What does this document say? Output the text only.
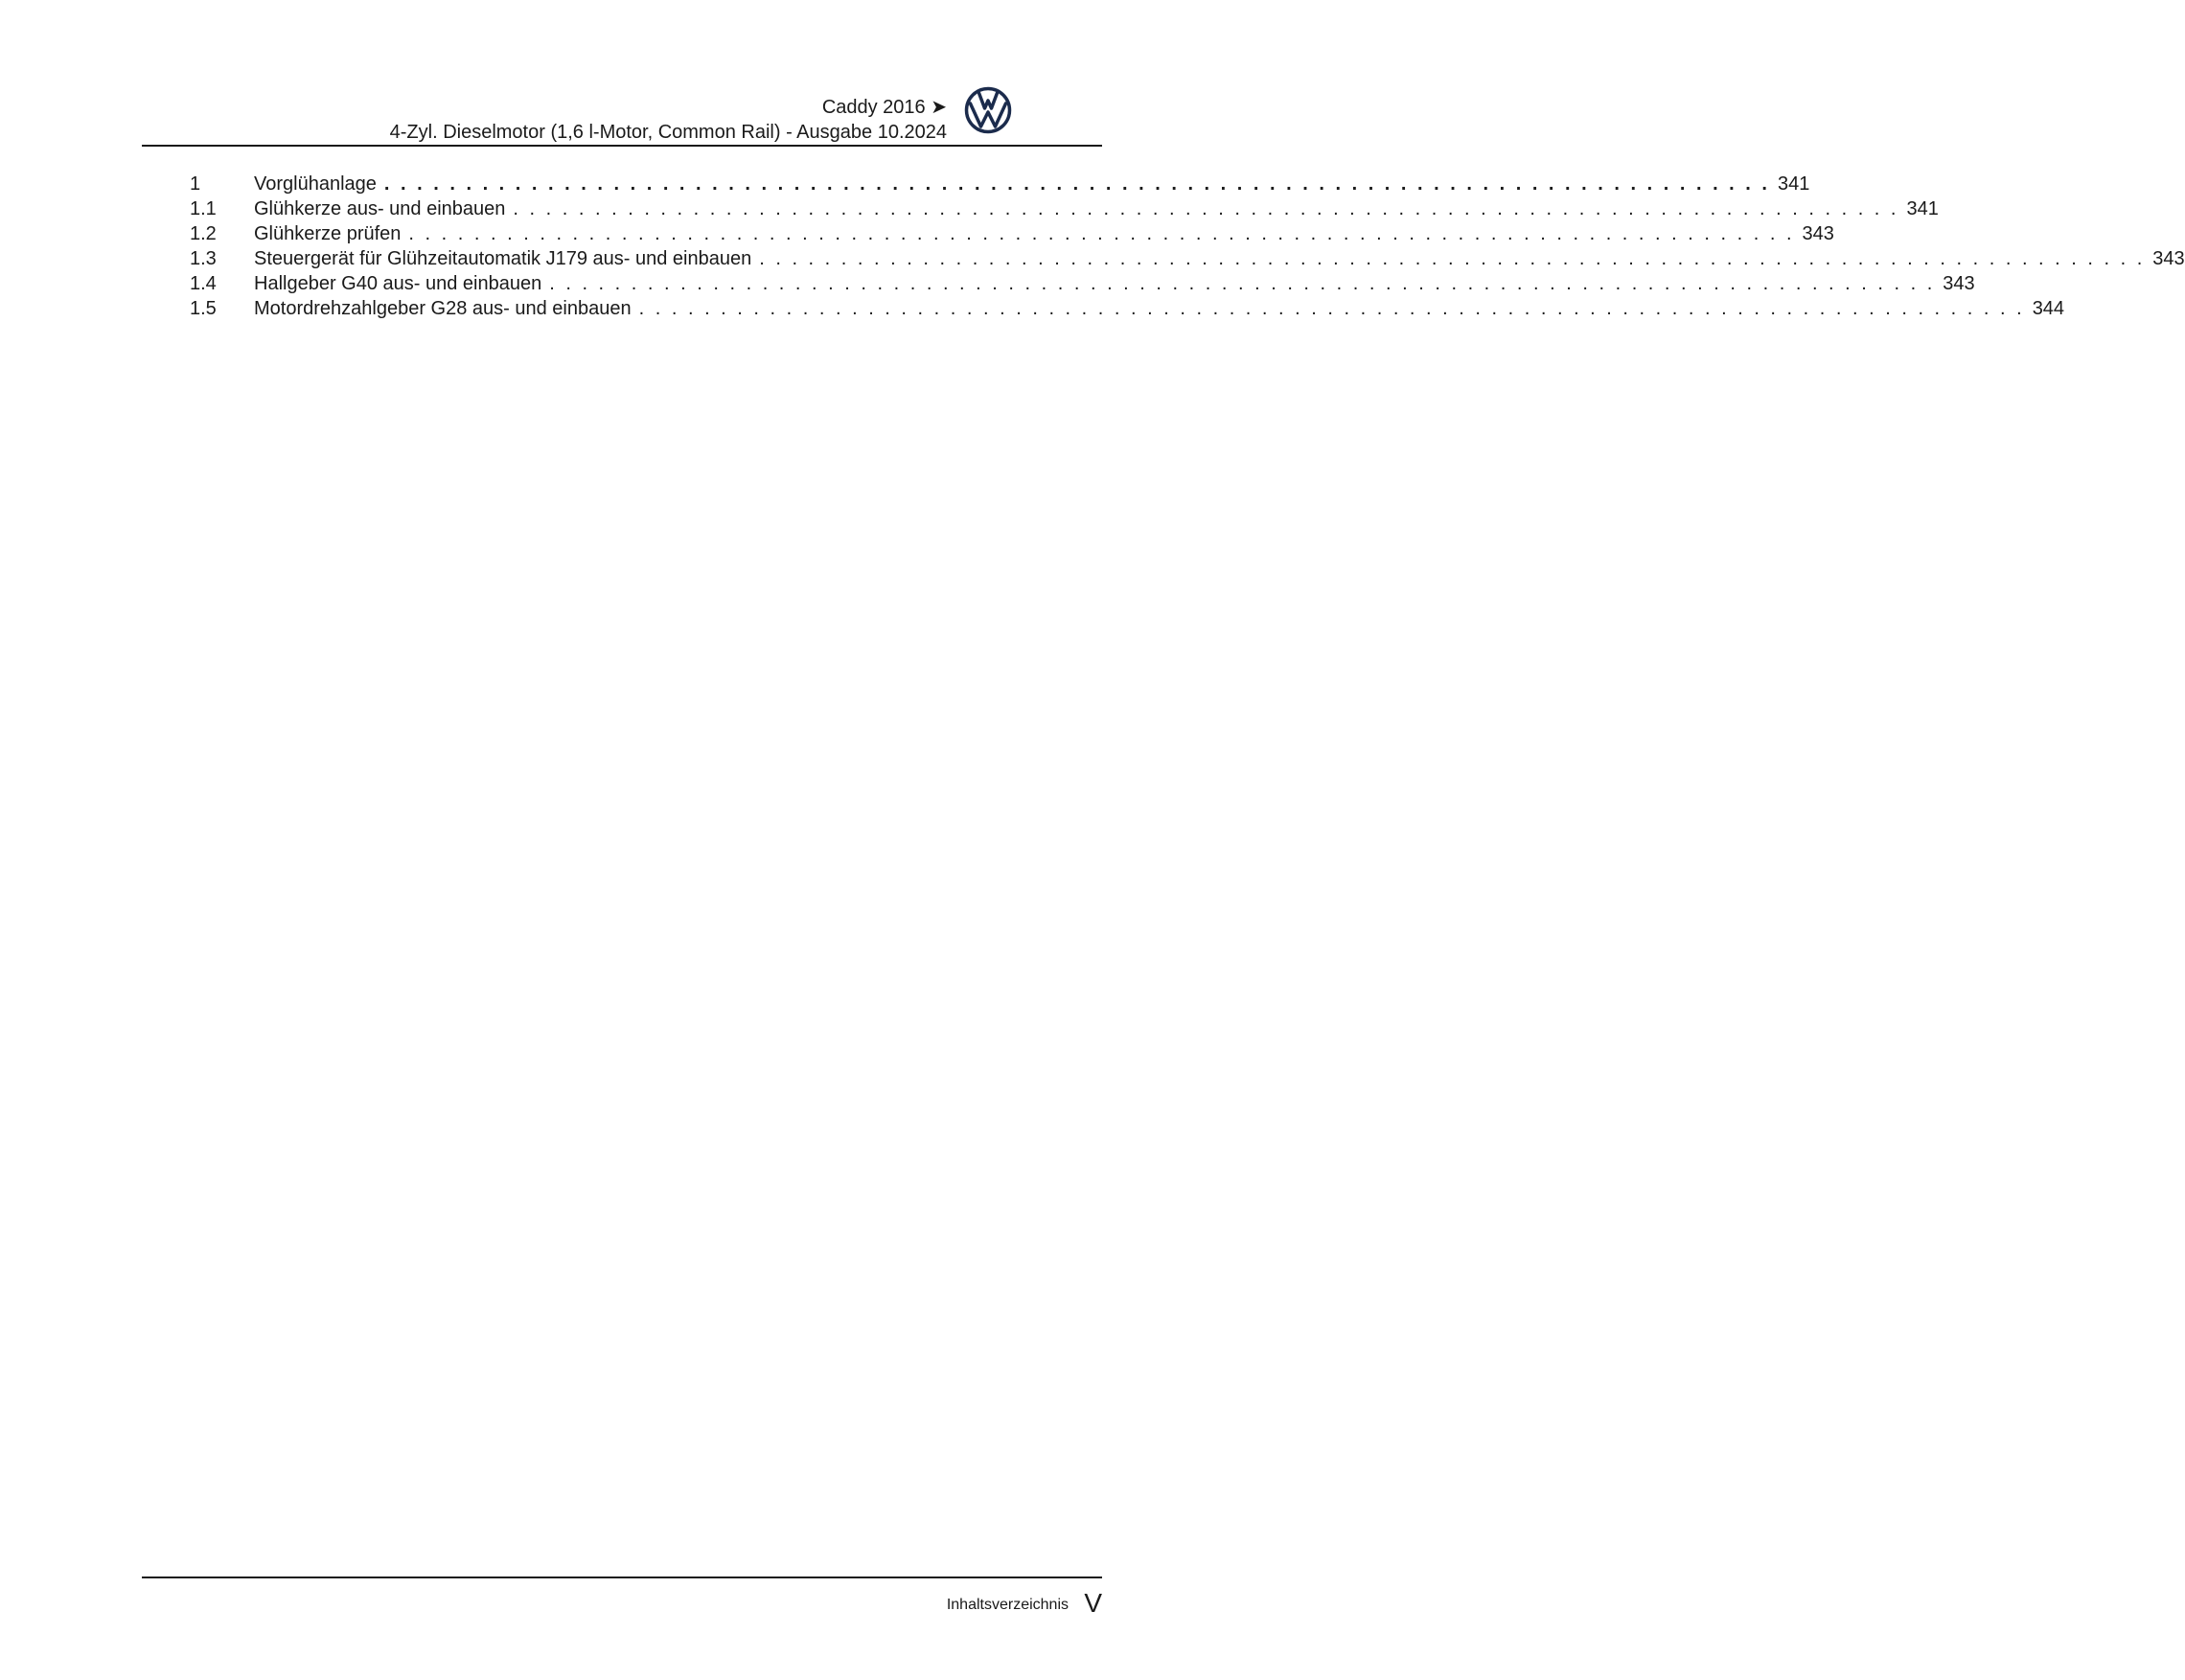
Caddy 2016 ➤
4-Zyl. Dieselmotor (1,6 l-Motor, Common Rail) - Ausgabe 10.2024
1	Vorglühanlage . . . . . . . . . . . . . . . . . . . . . . . . . . . . . . . . . . . . . . . . . . . . . . . . . . . . . . . . . . . . . . . . . . . . . . . . . . . . . . . . . . . . . 341
1.1 Glühkerze aus- und einbauen . . . . . . . . . . . . . . . . . . . . . . . . . . . . . . . . . . . . . . . . . . . . . . . . . . . . . . . . . . . . . . . . . . . . . . . . . . . . . . . . . . . . . 341
1.2 Glühkerze prüfen . . . . . . . . . . . . . . . . . . . . . . . . . . . . . . . . . . . . . . . . . . . . . . . . . . . . . . . . . . . . . . . . . . . . . . . . . . . . . . . . . . . . . 343
1.3 Steuergerät für Glühzeitautomatik J179 aus- und einbauen . . . . . . . . . . . . . . . . . . . . . . . . . . . . . . . . . . . . . . . . . . . . . . . . . . . . . . . . . . . . . . . . . . . . . . . . . . . . . . . . . . . . . 343
1.4 Hallgeber G40 aus- und einbauen . . . . . . . . . . . . . . . . . . . . . . . . . . . . . . . . . . . . . . . . . . . . . . . . . . . . . . . . . . . . . . . . . . . . . . . . . . . . . . . . . . . . . 343
1.5 Motordrehzahlgeber G28 aus- und einbauen . . . . . . . . . . . . . . . . . . . . . . . . . . . . . . . . . . . . . . . . . . . . . . . . . . . . . . . . . . . . . . . . . . . . . . . . . . . . . . . . . . . . . 344
Inhaltsverzeichnis V
